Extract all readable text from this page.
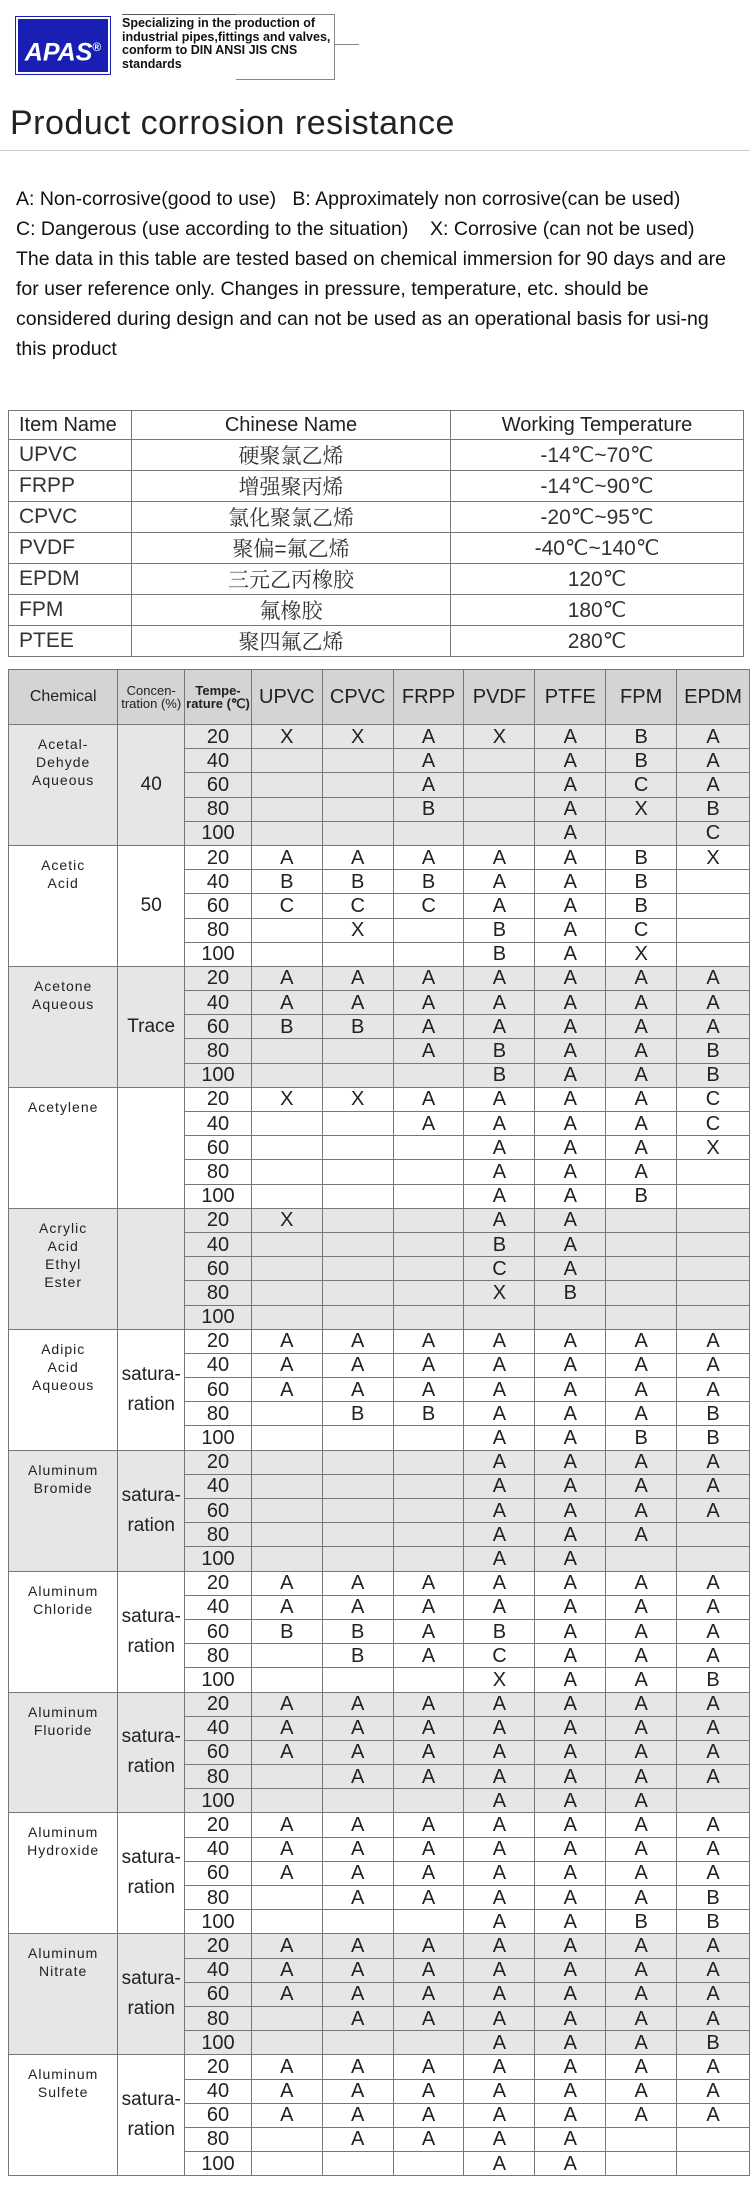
APAS®
Specializing in the production of industrial pipes,fittings and valves, conform to DIN ANSI JIS CNS standards
Product corrosion resistance

A: Non-corrosive(good to use)   B: Approximately non corrosive(can be used)

C: Dangerous (use according to the situation)    X: Corrosive (can not be used)

The data in this table are tested based on chemical immersion for 90 days and are for user reference only. Changes in pressure, temperature, etc. should be considered during design and can not be used as an operational basis for usi-ng this product
Item Name	Chinese Name	Working Temperature
UPVC	硬聚氯乙烯	-14℃~70℃
FRPP	增强聚丙烯	-14℃~90℃
CPVC	氯化聚氯乙烯	-20℃~95℃
PVDF	聚偏=氟乙烯	-40℃~140℃
EPDM	三元乙丙橡胶	120℃
FPM	氟橡胶	180℃
PTEE	聚四氟乙烯	280℃
Chemical	Concen-tration (%)	Tempe-rature (℃)	UPVC	CPVC	FRPP	PVDF	PTFE	FPM	EPDM
Acetal-
Dehyde
Aqueous	40	20	X	X	A	X	A	B	A
		40			A		A	B	A
		60			A		A	C	A
		80			B		A	X	B
		100					A		C
Acetic
Acid	50	20	A	A	A	A	A	B	X
		40	B	B	B	A	A	B	
		60	C	C	C	A	A	B	
		80		X		B	A	C	
		100				B	A	X	
Acetone
Aqueous	Trace	20	A	A	A	A	A	A	A
		40	A	A	A	A	A	A	A
		60	B	B	A	A	A	A	A
		80			A	B	A	A	B
		100				B	A	A	B
Acetylene		20	X	X	A	A	A	A	C
		40			A	A	A	A	C
		60				A	A	A	X
		80				A	A	A	
		100				A	A	B	
Acrylic
Acid
Ethyl
Ester		20	X			A	A		
		40				B	A		
		60				C	A		
		80				X	B		
		100							
Adipic
Acid
Aqueous	satura-
ration	20	A	A	A	A	A	A	A
		40	A	A	A	A	A	A	A
		60	A	A	A	A	A	A	A
		80		B	B	A	A	A	B
		100				A	A	B	B
Aluminum
Bromide	satura-
ration	20				A	A	A	A
		40				A	A	A	A
		60				A	A	A	A
		80				A	A	A	
		100				A	A		
Aluminum
Chloride	satura-
ration	20	A	A	A	A	A	A	A
		40	A	A	A	A	A	A	A
		60	B	B	A	B	A	A	A
		80		B	A	C	A	A	A
		100				X	A	A	B
Aluminum
Fluoride	satura-
ration	20	A	A	A	A	A	A	A
		40	A	A	A	A	A	A	A
		60	A	A	A	A	A	A	A
		80		A	A	A	A	A	A
		100				A	A	A	
Aluminum
Hydroxide	satura-
ration	20	A	A	A	A	A	A	A
		40	A	A	A	A	A	A	A
		60	A	A	A	A	A	A	A
		80		A	A	A	A	A	B
		100				A	A	B	B
Aluminum
Nitrate	satura-
ration	20	A	A	A	A	A	A	A
		40	A	A	A	A	A	A	A
		60	A	A	A	A	A	A	A
		80		A	A	A	A	A	A
		100				A	A	A	B
Aluminum
Sulfete	satura-
ration	20	A	A	A	A	A	A	A
		40	A	A	A	A	A	A	A
		60	A	A	A	A	A	A	A
		80		A	A	A	A		
		100				A	A		
